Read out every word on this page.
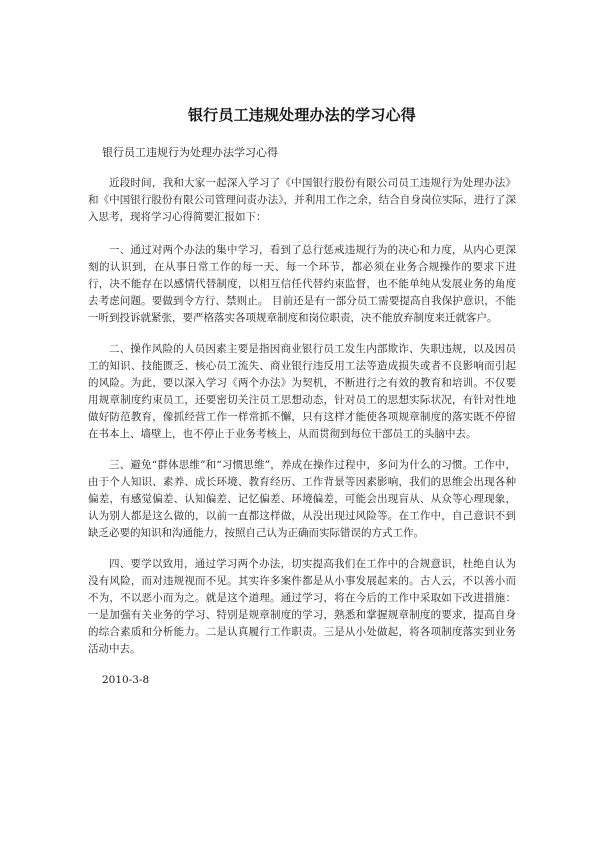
银行员工违规处理办法的学习心得

银行员工违规行为处理办法学习心得

近段时间，我和大家一起深入学习了《中国银行股份有限公司员工违规行为处理办法》和《中国银行股份有限公司管理问责办法》，并利用工作之余，结合自身岗位实际，进行了深入思考，现将学习心得简要汇报如下：

一、通过对两个办法的集中学习，看到了总行惩戒违规行为的决心和力度，从内心更深刻的认识到，在从事日常工作的每一天、每一个环节，都必须在业务合规操作的要求下进行，决不能存在以感情代替制度，以相互信任代替约束监督，也不能单纯从发展业务的角度去考虑问题。要做到令方行、禁则止。 目前还是有一部分员工需要提高自我保护意识，不能一听到投诉就紧张，要严格落实各项规章制度和岗位职责，决不能放弃制度来迁就客户。

二、操作风险的人员因素主要是指因商业银行员工发生内部欺诈、失职违规，以及因员工的知识、技能匮乏、核心员工流失、商业银行违反用工法等造成损失或者不良影响而引起的风险。为此，要以深入学习《两个办法》为契机，不断进行之有效的教育和培训。不仅要用规章制度约束员工，还要密切关注员工思想动态，针对员工的思想实际状况，有针对性地做好防范教育，像抓经营工作一样常抓不懈，只有这样才能使各项规章制度的落实既不停留在书本上、墙壁上，也不停止于业务考核上，从而贯彻到每位干部员工的头脑中去。

三、避免“群体思维”和“习惯思维”，养成在操作过程中，多问为什么的习惯。工作中，由于个人知识、素养、成长环境、教育经历、工作背景等因素影响，我们的思维会出现各种偏差，有感觉偏差、认知偏差、记忆偏差、环境偏差，可能会出现盲从、从众等心理现象，认为别人都是这么做的，以前一直都这样做，从没出现过风险等。在工作中，自己意识不到缺乏必要的知识和沟通能力，按照自己认为正确而实际错误的方式工作。

四、要学以致用，通过学习两个办法，切实提高我们在工作中的合规意识，杜绝自认为没有风险，而对违规视而不见。其实许多案件都是从小事发展起来的。古人云，不以善小而不为，不以恶小而为之。就是这个道理。通过学习，将在今后的工作中采取如下改进措施：一是加强有关业务的学习、特别是规章制度的学习，熟悉和掌握规章制度的要求，提高自身的综合素质和分析能力。二是认真履行工作职责。三是从小处做起，将各项制度落实到业务活动中去。

2010-3-8
